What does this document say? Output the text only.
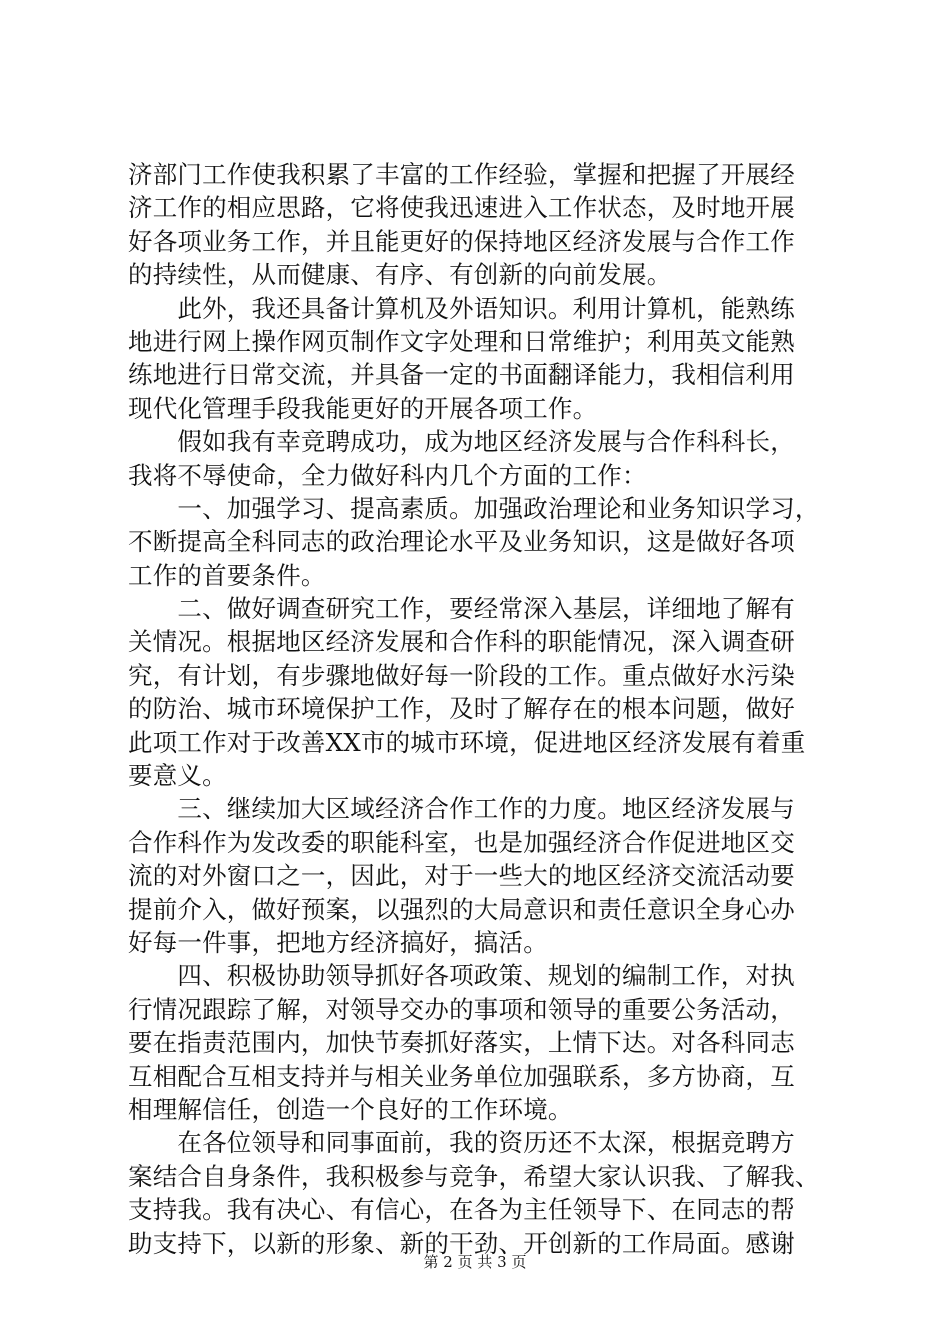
济部门工作使我积累了丰富的工作经验，掌握和把握了开展经
济工作的相应思路，它将使我迅速进入工作状态，及时地开展
好各项业务工作，并且能更好的保持地区经济发展与合作工作
的持续性，从而健康、有序、有创新的向前发展。
　　此外，我还具备计算机及外语知识。利用计算机，能熟练
地进行网上操作网页制作文字处理和日常维护；利用英文能熟
练地进行日常交流，并具备一定的书面翻译能力，我相信利用
现代化管理手段我能更好的开展各项工作。
　　假如我有幸竞聘成功，成为地区经济发展与合作科科长，
我将不辱使命，全力做好科内几个方面的工作：
　　一、加强学习、提高素质。加强政治理论和业务知识学习，
不断提高全科同志的政治理论水平及业务知识，这是做好各项
工作的首要条件。
　　二、做好调查研究工作，要经常深入基层，详细地了解有
关情况。根据地区经济发展和合作科的职能情况，深入调查研
究，有计划，有步骤地做好每一阶段的工作。重点做好水污染
的防治、城市环境保护工作，及时了解存在的根本问题，做好
此项工作对于改善XX市的城市环境，促进地区经济发展有着重
要意义。
　　三、继续加大区域经济合作工作的力度。地区经济发展与
合作科作为发改委的职能科室，也是加强经济合作促进地区交
流的对外窗口之一，因此，对于一些大的地区经济交流活动要
提前介入，做好预案，以强烈的大局意识和责任意识全身心办
好每一件事，把地方经济搞好，搞活。
　　四、积极协助领导抓好各项政策、规划的编制工作，对执
行情况跟踪了解，对领导交办的事项和领导的重要公务活动，
要在指责范围内，加快节奏抓好落实，上情下达。对各科同志
互相配合互相支持并与相关业务单位加强联系，多方协商，互
相理解信任，创造一个良好的工作环境。
　　在各位领导和同事面前，我的资历还不太深，根据竞聘方
案结合自身条件，我积极参与竞争，希望大家认识我、了解我、
支持我。我有决心、有信心，在各为主任领导下、在同志的帮
助支持下，以新的形象、新的干劲、开创新的工作局面。感谢
第 2 页 共 3 页
